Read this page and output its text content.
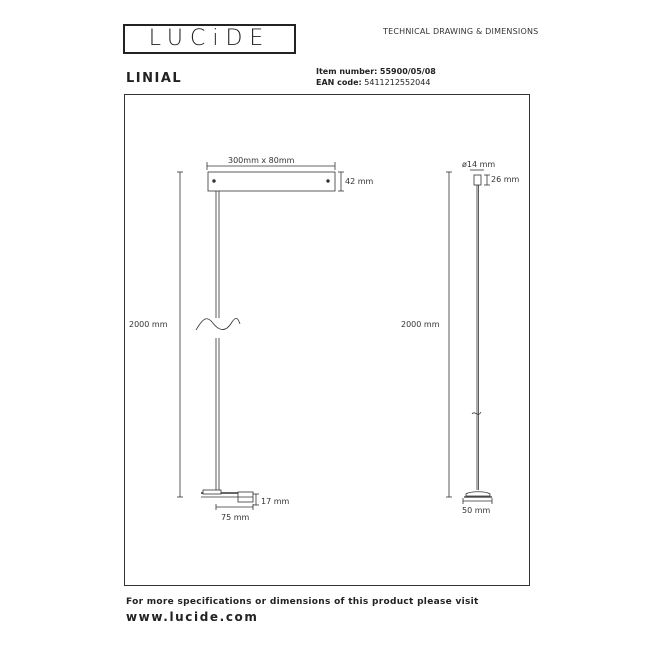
LUCiDE	TECHNICAL DRAWING & DIMENSIONS
LINIAL	Item number: 55900/05/08
EAN code: 5411212552044
300mm x 80mm
42 mm
2000 mm
17 mm
75 mm
ø14 mm
26 mm
2000 mm
50 mm
For more specifications or dimensions of this product please visit
www.lucide.com
